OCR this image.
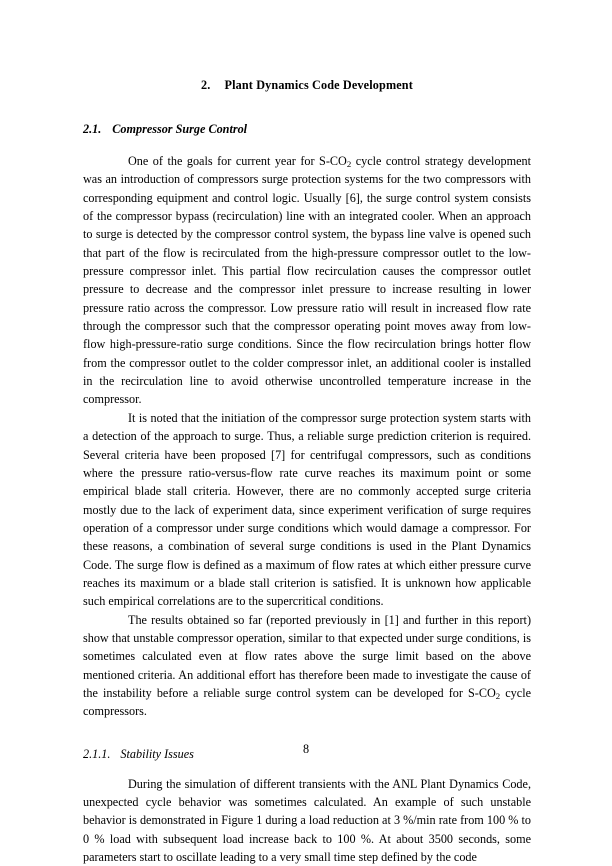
2. Plant Dynamics Code Development
2.1. Compressor Surge Control

One of the goals for current year for $S-CO_2$ cycle control strategy development was an introduction of compressors surge protection systems for the two compressors with corresponding equipment and control logic. Usually [6], the surge control system consists of the compressor bypass (recirculation) line with an integrated cooler. When an approach to surge is detected by the compressor control system, the bypass line valve is opened such that part of the flow is recirculated from the high-pressure compressor outlet to the low-pressure compressor inlet. This partial flow recirculation causes the compressor outlet pressure to decrease and the compressor inlet pressure to increase resulting in lower pressure ratio across the compressor. Low pressure ratio will result in increased flow rate through the compressor such that the compressor operating point moves away from low-flow high-pressure-ratio surge conditions. Since the flow recirculation brings hotter flow from the compressor outlet to the colder compressor inlet, an additional cooler is installed in the recirculation line to avoid otherwise uncontrolled temperature increase in the compressor.

It is noted that the initiation of the compressor surge protection system starts with a detection of the approach to surge. Thus, a reliable surge prediction criterion is required. Several criteria have been proposed [7] for centrifugal compressors, such as conditions where the pressure ratio-versus-flow rate curve reaches its maximum point or some empirical blade stall criteria. However, there are no commonly accepted surge criteria mostly due to the lack of experiment data, since experiment verification of surge requires operation of a compressor under surge conditions which would damage a compressor. For these reasons, a combination of several surge conditions is used in the Plant Dynamics Code. The surge flow is defined as a maximum of flow rates at which either pressure curve reaches its maximum or a blade stall criterion is satisfied. It is unknown how applicable such empirical correlations are to the supercritical conditions.

The results obtained so far (reported previously in [1] and further in this report) show that unstable compressor operation, similar to that expected under surge conditions, is sometimes calculated even at flow rates above the surge limit based on the above mentioned criteria. An additional effort has therefore been made to investigate the cause of the instability before a reliable surge control system can be developed for $S-CO_2$ cycle compressors.

2.1.1. Stability Issues

During the simulation of different transients with the ANL Plant Dynamics Code, unexpected cycle behavior was sometimes calculated. An example of such unstable behavior is demonstrated in Figure 1 during a load reduction at 3 %/min rate from 100 % to 0 % load with subsequent load increase back to 100 %. At about 3500 seconds, some parameters start to oscillate leading to a very small time step defined by the code

8
